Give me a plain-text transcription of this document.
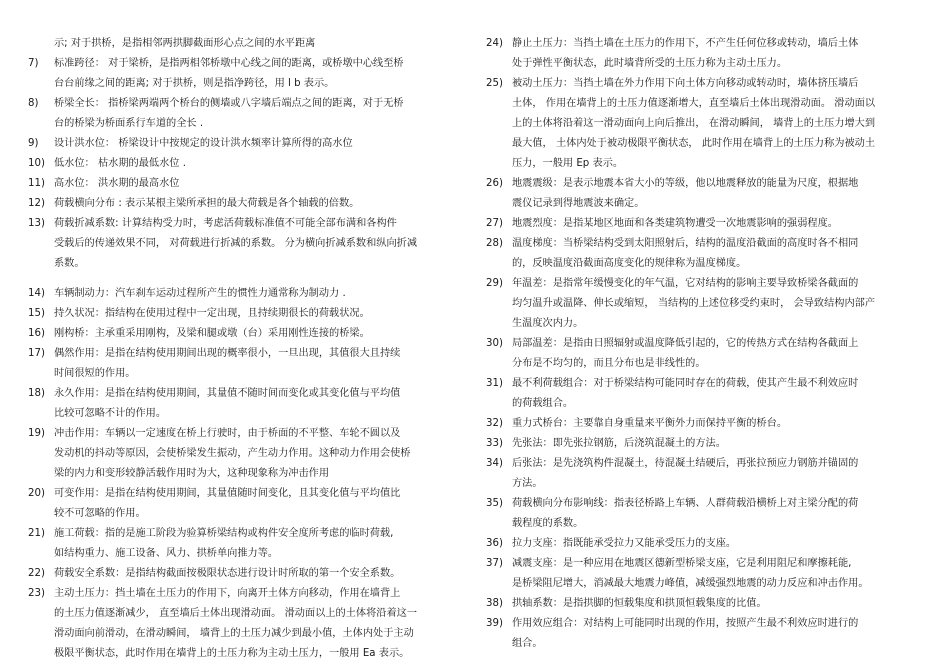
示; 对于拱桥，是指相邻两拱脚截面形心点之间的水平距离
7)	标准跨径： 对于梁桥，是指两相邻桥墩中心线之间的距离，或桥墩中心线至桥
台台前缘之间的距离; 对于拱桥，则是指净跨径，用 l b 表示。
8)	桥梁全长： 指桥梁两端两个桥台的侧墙或八字墙后端点之间的距离，对于无桥
台的桥梁为桥面系行车道的全长 .
9)	设计洪水位： 桥梁设计中按规定的设计洪水频率计算所得的高水位
10) 低水位： 枯水期的最低水位 .
11) 高水位： 洪水期的最高水位
12) 荷载横向分布 : 表示某根主梁所承担的最大荷载是各个轴载的倍数。
13) 荷载折减系数: 计算结构受力时，考虑活荷载标准值不可能全部布满和各构件
受载后的传递效果不同， 对荷载进行折减的系数。 分为横向折减系数和纵向折减
系数。
14) 车辆制动力：汽车刹车运动过程所产生的惯性力通常称为制动力 .
15) 持久状况：指结构在使用过程中一定出现，且持续期很长的荷载状况。
16) 刚构桥：主承重采用刚构，及梁和腿或墩（台）采用刚性连接的桥梁。
17) 偶然作用：是指在结构使用期间出现的概率很小，一旦出现，其值很大且持续
时间很短的作用。
18) 永久作用：是指在结构使用期间，其量值不随时间而变化或其变化值与平均值
比较可忽略不计的作用。
19) 冲击作用：车辆以一定速度在桥上行驶时，由于桥面的不平整、车轮不圆以及
发动机的抖动等原因，会使桥梁发生振动，产生动力作用。这种动力作用会使桥
梁的内力和变形较静活载作用时为大，这种现象称为冲击作用
20) 可变作用：是指在结构使用期间，其量值随时间变化，且其变化值与平均值比
较不可忽略的作用。
21) 施工荷载：指的是施工阶段为验算桥梁结构或构件安全度所考虑的临时荷载,
如结构重力、施工设备、风力、拱桥单向推力等。
22) 荷载安全系数：是指结构截面按极限状态进行设计时所取的第一个安全系数。
23) 主动土压力：挡土墙在土压力的作用下，向离开土体方向移动，作用在墙背上
的土压力值逐渐减少， 直至墙后土体出现滑动面。 滑动面以上的土体将沿着这一
滑动面向前滑动，在滑动瞬间， 墙背上的土压力减少到最小值，土体内处于主动
极限平衡状态，此时作用在墙背上的土压力称为主动土压力，一般用 Ea 表示。
24) 静止土压力：当挡土墙在土压力的作用下，不产生任何位移或转动，墙后土体
处于弹性平衡状态，此时墙背所受的土压力称为主动土压力。
25) 被动土压力：当挡土墙在外力作用下向土体方向移动或转动时，墙体挤压墙后
土体， 作用在墙背上的土压力值逐渐增大，直至墙后土体出现滑动面。 滑动面以
上的土体将沿着这一滑动面向上向后推出， 在滑动瞬间， 墙背上的土压力增大到
最大值， 土体内处于被动极限平衡状态， 此时作用在墙背上的土压力称为被动土
压力，一般用 Ep 表示。
26) 地震震级：是表示地震本省大小的等级，他以地震释放的能量为尺度，根据地
震仪记录到得地震波来确定。
27) 地震烈度：是指某地区地面和各类建筑物遭受一次地震影响的强弱程度。
28) 温度梯度：当桥梁结构受到太阳照射后，结构的温度沿截面的高度时各不相同
的，反映温度沿截面高度变化的规律称为温度梯度。
29) 年温差：是指常年缓慢变化的年气温，它对结构的影响主要导致桥梁各截面的
均匀温升或温降、伸长或缩短， 当结构的上述位移受约束时， 会导致结构内部产
生温度次内力。
30) 局部温差：是指由日照辐射或温度降低引起的，它的传热方式在结构各截面上
分布是不均匀的，而且分布也是非线性的。
31) 最不利荷载组合：对于桥梁结构可能同时存在的荷载，使其产生最不利效应时
的荷载组合。
32) 重力式桥台：主要靠自身重量来平衡外力而保持平衡的桥台。
33) 先张法：即先张拉钢筋，后浇筑混凝土的方法。
34) 后张法：是先浇筑构件混凝土，待混凝土结硬后，再张拉预应力钢筋并锚固的
方法。
35) 荷载横向分布影响线：指表径桥路上车辆、人群荷载沿横桥上对主梁分配的荷
载程度的系数。
36) 拉力支座：指既能承受拉力又能承受压力的支座。
37) 减震支座：是一种应用在地震区德新型桥梁支座，它是利用阻尼和摩擦耗能,
是桥梁阻尼增大，消减最大地震力峰值，减缓强烈地震的动力反应和冲击作用。
38) 拱轴系数：是指拱脚的恒载集度和拱顶恒载集度的比值。
39) 作用效应组合：对结构上可能同时出现的作用，按照产生最不利效应时进行的
组合。
